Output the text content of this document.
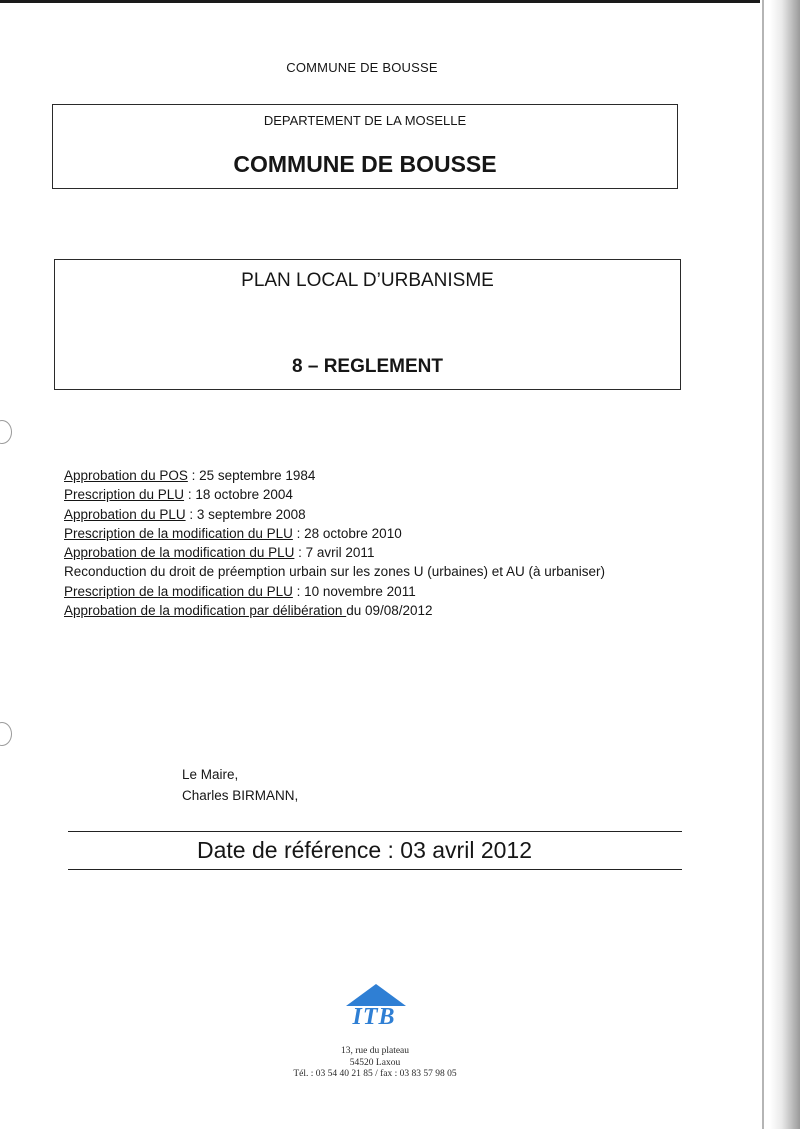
COMMUNE DE BOUSSE
DEPARTEMENT DE LA MOSELLE
COMMUNE DE BOUSSE
PLAN LOCAL D’URBANISME
8 – REGLEMENT
Approbation du POS : 25 septembre 1984
Prescription du PLU : 18 octobre 2004
Approbation du PLU : 3 septembre 2008
Prescription de la modification du PLU : 28 octobre 2010
Approbation de la modification du PLU : 7 avril 2011
Reconduction du droit de préemption urbain sur les zones U (urbaines) et AU (à urbaniser)
Prescription de la modification du PLU : 10 novembre 2011
Approbation de la modification par délibération du 09/08/2012
Le Maire,
Charles BIRMANN,
Date de référence : 03 avril 2012
ITB
13, rue du plateau
54520 Laxou
Tél. : 03 54 40 21 85 / fax : 03 83 57 98 05
